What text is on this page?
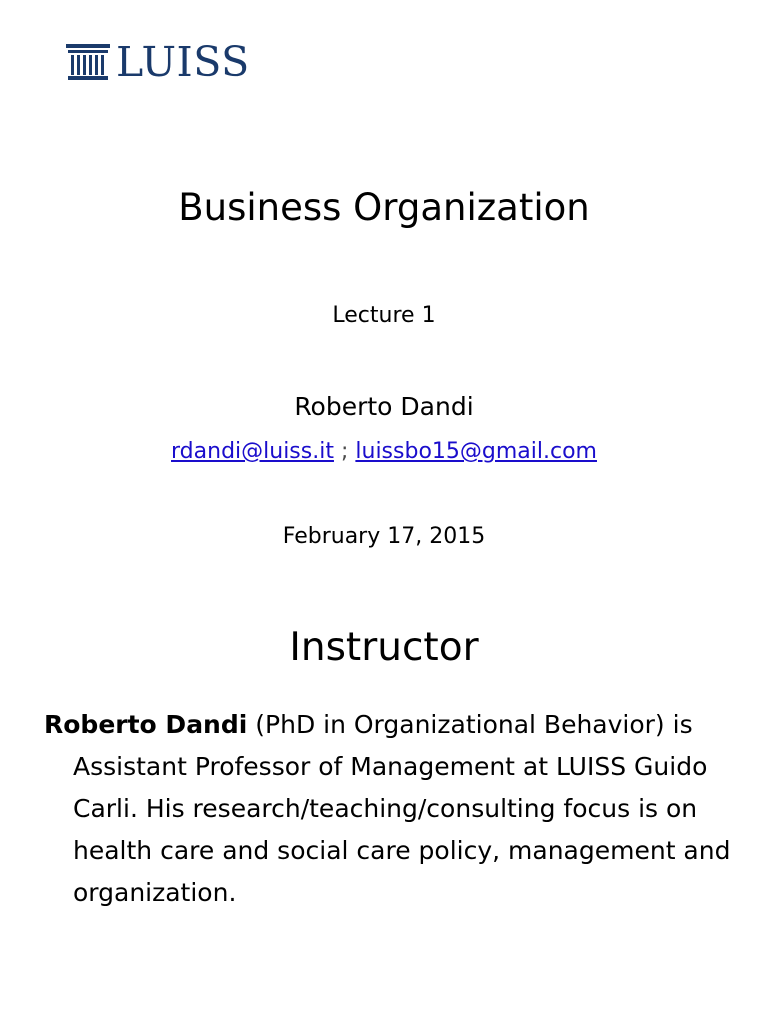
LUISS
Business Organization
Lecture 1
Roberto Dandi
rdandi@luiss.it ; luissbo15@gmail.com
February 17, 2015
Instructor
Roberto Dandi (PhD in Organizational Behavior) is Assistant Professor of Management at LUISS Guido Carli. His research/teaching/consulting focus is on health care and social care policy, management and organization.
